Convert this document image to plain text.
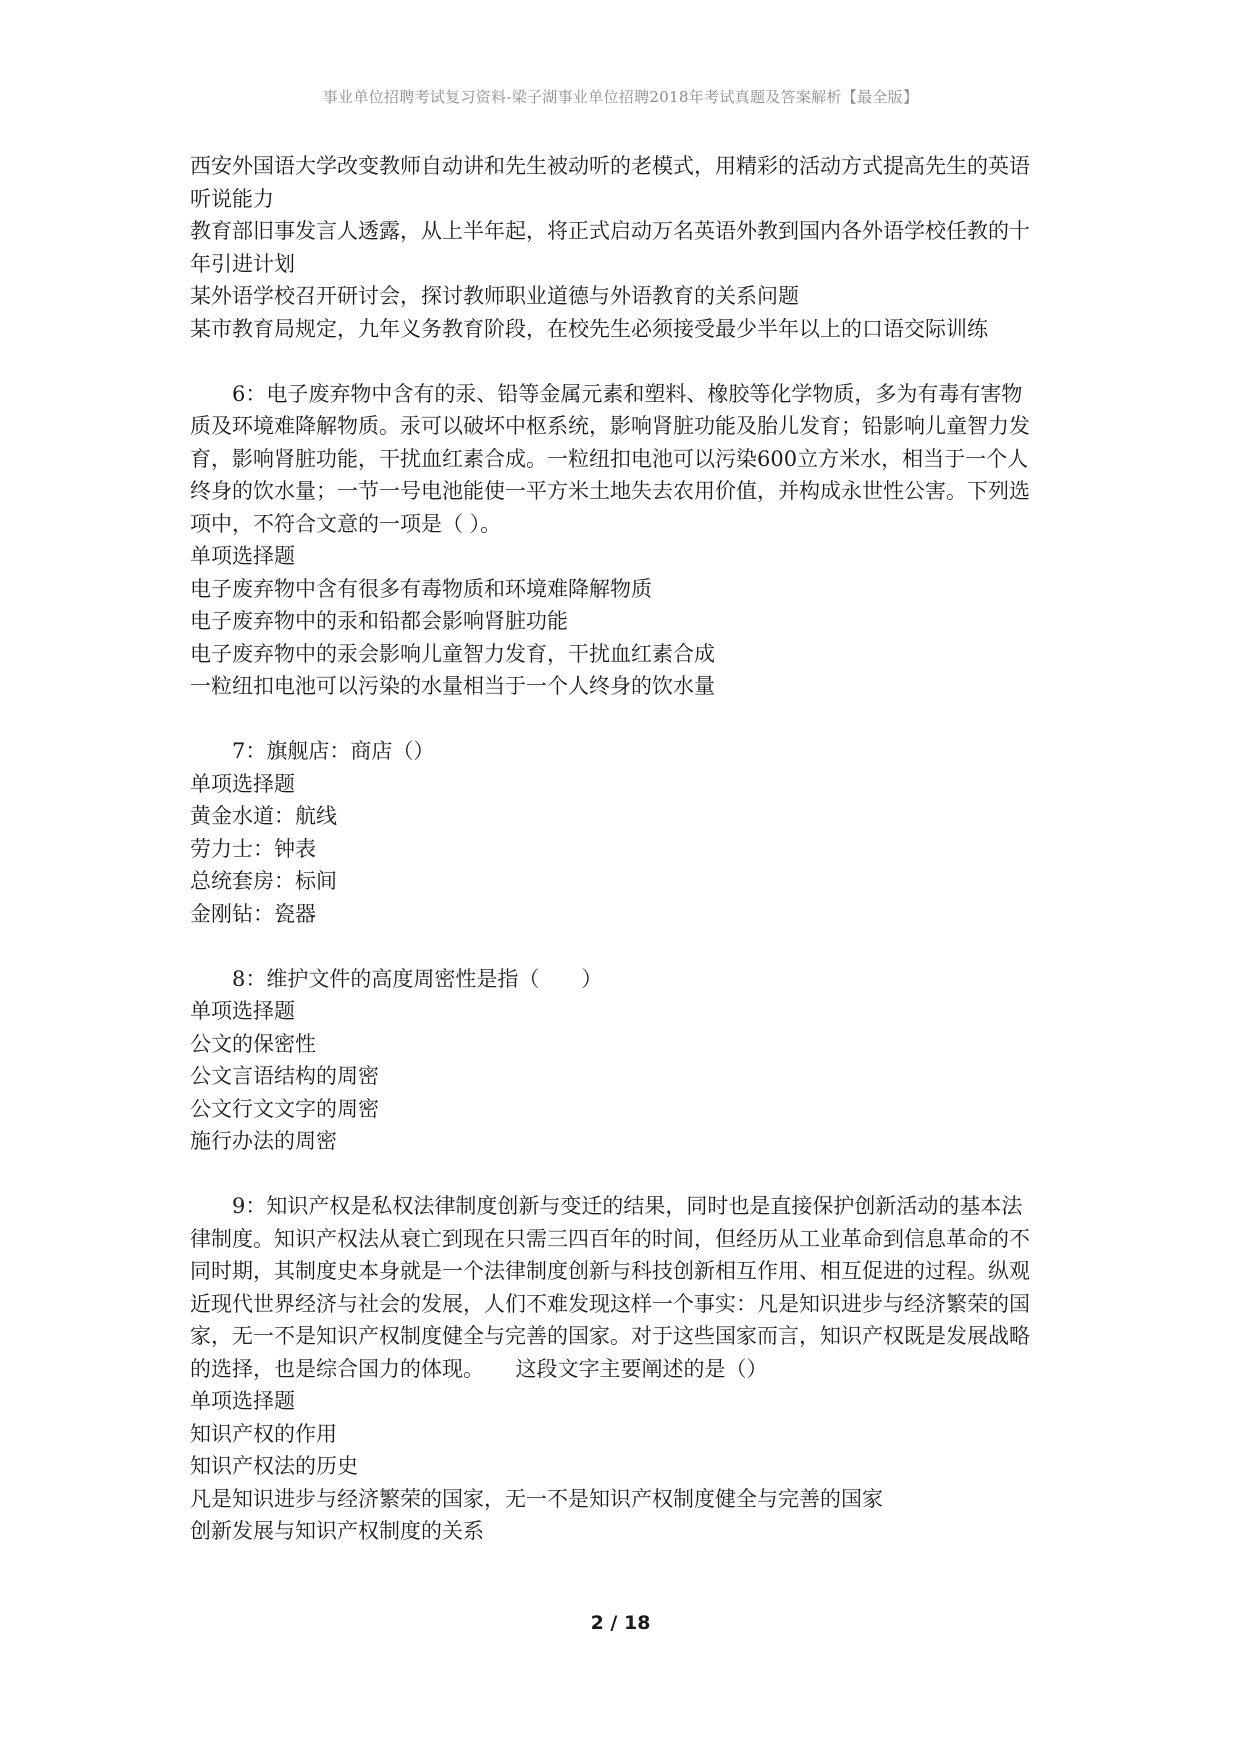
事业单位招聘考试复习资料-梁子湖事业单位招聘2018年考试真题及答案解析【最全版】
西安外国语大学改变教师自动讲和先生被动听的老模式，用精彩的活动方式提高先生的英语
听说能力
教育部旧事发言人透露，从上半年起，将正式启动万名英语外教到国内各外语学校任教的十
年引进计划
某外语学校召开研讨会，探讨教师职业道德与外语教育的关系问题
某市教育局规定，九年义务教育阶段，在校先生必须接受最少半年以上的口语交际训练
6：电子废弃物中含有的汞、铅等金属元素和塑料、橡胶等化学物质，多为有毒有害物
质及环境难降解物质。汞可以破坏中枢系统，影响肾脏功能及胎儿发育；铅影响儿童智力发
育，影响肾脏功能，干扰血红素合成。一粒纽扣电池可以污染600立方米水，相当于一个人
终身的饮水量；一节一号电池能使一平方米土地失去农用价值，并构成永世性公害。下列选
项中，不符合文意的一项是（ ）。
单项选择题
电子废弃物中含有很多有毒物质和环境难降解物质
电子废弃物中的汞和铅都会影响肾脏功能
电子废弃物中的汞会影响儿童智力发育，干扰血红素合成
一粒纽扣电池可以污染的水量相当于一个人终身的饮水量
7：旗舰店：商店（）
单项选择题
黄金水道：航线
劳力士：钟表
总统套房：标间
金刚钻：瓷器
8：维护文件的高度周密性是指（　　）
单项选择题
公文的保密性
公文言语结构的周密
公文行文文字的周密
施行办法的周密
9：知识产权是私权法律制度创新与变迁的结果，同时也是直接保护创新活动的基本法
律制度。知识产权法从衰亡到现在只需三四百年的时间，但经历从工业革命到信息革命的不
同时期，其制度史本身就是一个法律制度创新与科技创新相互作用、相互促进的过程。纵观
近现代世界经济与社会的发展，人们不难发现这样一个事实：凡是知识进步与经济繁荣的国
家，无一不是知识产权制度健全与完善的国家。对于这些国家而言，知识产权既是发展战略
的选择，也是综合国力的体现。　　这段文字主要阐述的是（）
单项选择题
知识产权的作用
知识产权法的历史
凡是知识进步与经济繁荣的国家，无一不是知识产权制度健全与完善的国家
创新发展与知识产权制度的关系
2 / 18
